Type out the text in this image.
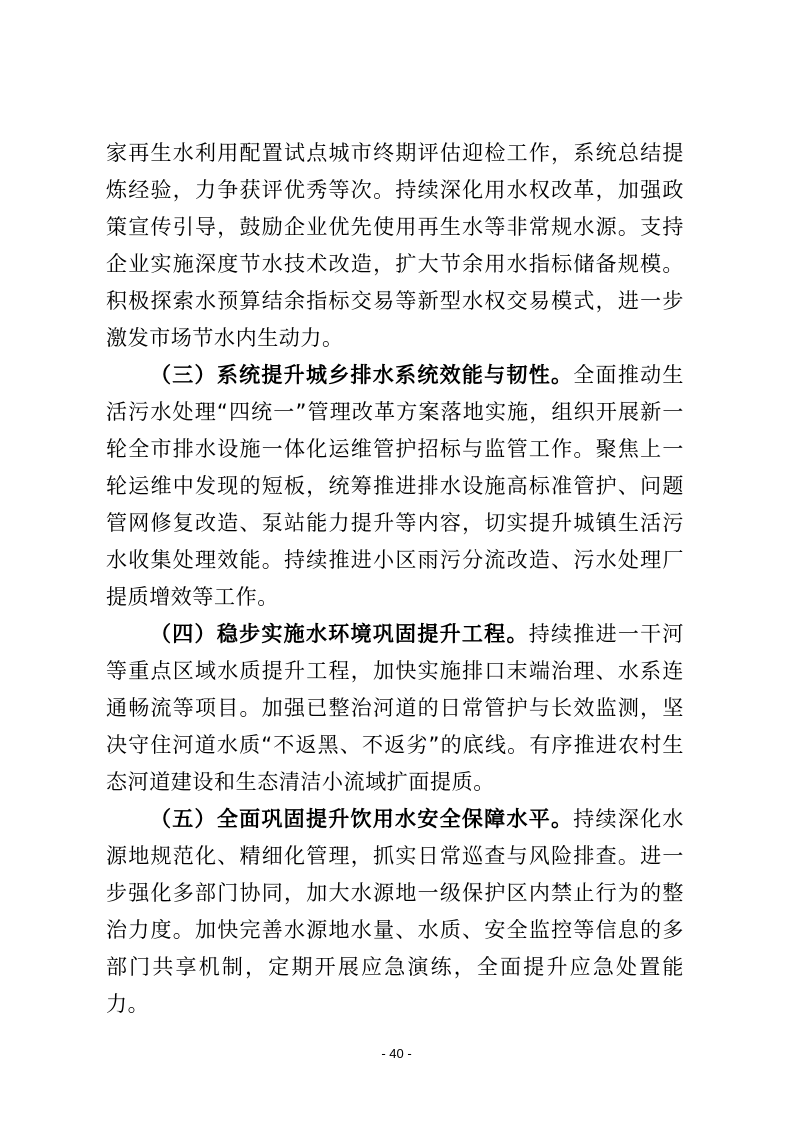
家再生水利用配置试点城市终期评估迎检工作，系统总结提炼经验，力争获评优秀等次。持续深化用水权改革，加强政策宣传引导，鼓励企业优先使用再生水等非常规水源。支持企业实施深度节水技术改造，扩大节余用水指标储备规模。积极探索水预算结余指标交易等新型水权交易模式，进一步激发市场节水内生动力。

（三）系统提升城乡排水系统效能与韧性。全面推动生活污水处理“四统一”管理改革方案落地实施，组织开展新一轮全市排水设施一体化运维管护招标与监管工作。聚焦上一轮运维中发现的短板，统筹推进排水设施高标准管护、问题管网修复改造、泵站能力提升等内容，切实提升城镇生活污水收集处理效能。持续推进小区雨污分流改造、污水处理厂提质增效等工作。

（四）稳步实施水环境巩固提升工程。持续推进一干河等重点区域水质提升工程，加快实施排口末端治理、水系连通畅流等项目。加强已整治河道的日常管护与长效监测，坚决守住河道水质“不返黑、不返劣”的底线。有序推进农村生态河道建设和生态清洁小流域扩面提质。

（五）全面巩固提升饮用水安全保障水平。持续深化水源地规范化、精细化管理，抓实日常巡查与风险排查。进一步强化多部门协同，加大水源地一级保护区内禁止行为的整治力度。加快完善水源地水量、水质、安全监控等信息的多部门共享机制，定期开展应急演练，全面提升应急处置能力。

- 40 -
